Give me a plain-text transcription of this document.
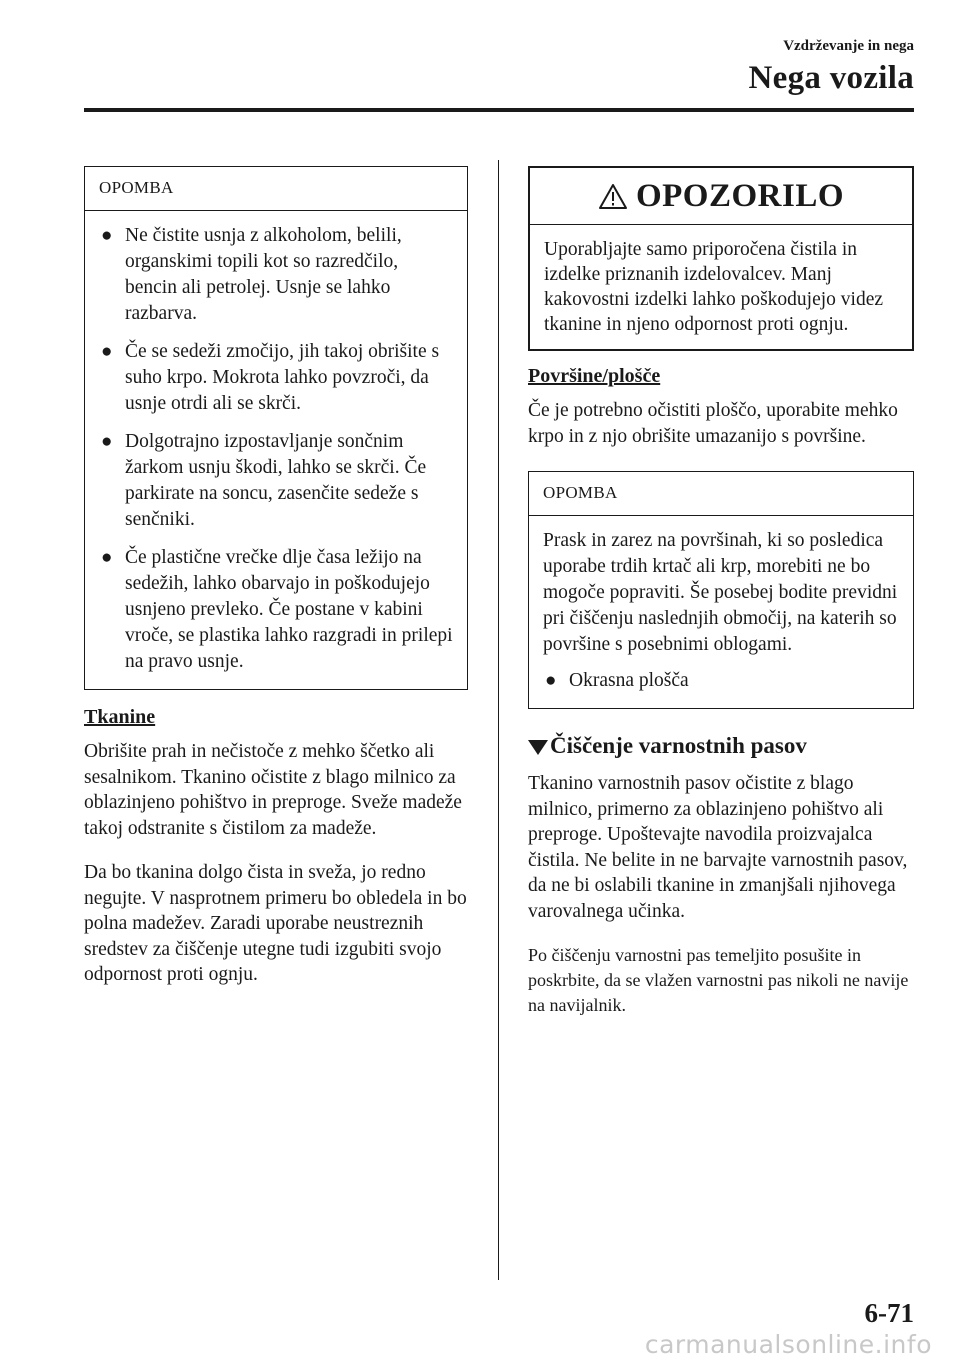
Vzdrževanje in nega
Nega vozila
OPOMBA
● Ne čistite usnja z alkoholom, belili, organskimi topili kot so razredčilo, bencin ali petrolej. Usnje se lahko razbarva.
● Če se sedeži zmočijo, jih takoj obrišite s suho krpo. Mokrota lahko povzroči, da usnje otrdi ali se skrči.
● Dolgotrajno izpostavljanje sončnim žarkom usnju škodi, lahko se skrči. Če parkirate na soncu, zasenčite sedeže s senčniki.
● Če plastične vrečke dlje časa ležijo na sedežih, lahko obarvajo in poškodujejo usnjeno prevleko. Če postane v kabini vroče, se plastika lahko razgradi in prilepi na pravo usnje.
Tkanine

Obrišite prah in nečistoče z mehko ščetko ali sesalnikom. Tkanino očistite z blago milnico za oblazinjeno pohištvo in preproge. Sveže madeže takoj odstranite s čistilom za madeže.

Da bo tkanina dolgo čista in sveža, jo redno negujte. V nasprotnem primeru bo obledela in bo polna madežev. Zaradi uporabe neustreznih sredstev za čiščenje utegne tudi izgubiti svojo odpornost proti ognju.

OPOZORILO
Uporabljajte samo priporočena čistila in izdelke priznanih izdelovalcev. Manj kakovostni izdelki lahko poškodujejo videz tkanine in njeno odpornost proti ognju.
Površine/plošče

Če je potrebno očistiti ploščo, uporabite mehko krpo in z njo obrišite umazanijo s površine.

OPOMBA

Prask in zarez na površinah, ki so posledica uporabe trdih krtač ali krp, morebiti ne bo mogoče popraviti. Še posebej bodite previdni pri čiščenju naslednjih območij, na katerih so površine s posebnimi oblogami.

● Okrasna plošča
Čiščenje varnostnih pasov

Tkanino varnostnih pasov očistite z blago milnico, primerno za oblazinjeno pohištvo ali preproge. Upoštevajte navodila proizvajalca čistila. Ne belite in ne barvajte varnostnih pasov, da ne bi oslabili tkanine in zmanjšali njihovega varovalnega učinka.

Po čiščenju varnostni pas temeljito posušite in poskrbite, da se vlažen varnostni pas nikoli ne navije na navijalnik.

6-71
carmanualsonline.info
